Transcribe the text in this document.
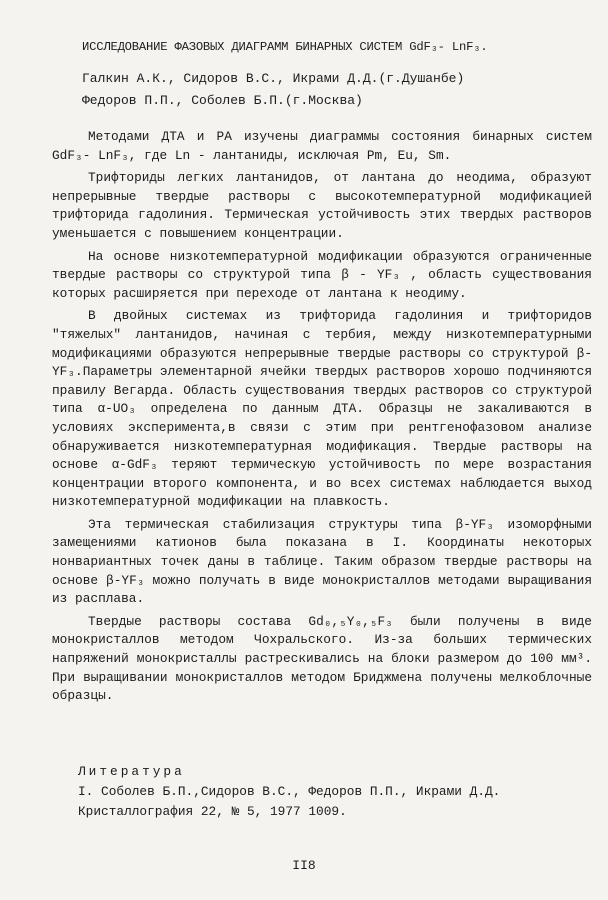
ИССЛЕДОВАНИЕ ФАЗОВЫХ ДИАГРАММ БИНАРНЫХ СИСТЕМ GdF₃- LnF₃.
Галкин А.К., Сидоров В.С., Икрами Д.Д.(г.Душанбе)
Федоров П.П., Соболев Б.П.(г.Москва)

Методами ДТА и РА изучены диаграммы состояния бинарных систем GdF₃- LnF₃, где Ln - лантаниды, исключая Pm, Eu, Sm.

Трифториды легких лантанидов, от лантана до неодима, образуют непрерывные твердые растворы с высокотемпературной модификацией трифторида гадолиния. Термическая устойчивость этих твердых растворов уменьшается с повышением концентрации.

На основе низкотемпературной модификации образуются ограниченные твердые растворы со структурой типа β - YF₃ , область существования которых расширяется при переходе от лантана к неодиму.

В двойных системах из трифторида гадолиния и трифторидов "тяжелых" лантанидов, начиная с тербия, между низкотемпературными модификациями образуются непрерывные твердые растворы со структурой β-YF₃.Параметры элементарной ячейки твердых растворов хорошо подчиняются правилу Вегарда. Область существования твердых растворов со структурой типа α-UO₃ определена по данным ДТА. Образцы не закаливаются в условиях эксперимента,в связи с этим при рентгенофазовом анализе обнаруживается низкотемпературная модификация. Твердые растворы на основе α-GdF₃ теряют термическую устойчивость по мере возрастания концентрации второго компонента, и во всех системах наблюдается выход низкотемпературной модификации на плавкость.

Эта термическая стабилизация структуры типа β-YF₃ изоморфными замещениями катионов была показана в I. Координаты некоторых нонвариантных точек даны в таблице. Таким образом твердые растворы на основе β-YF₃ можно получать в виде монокристаллов методами выращивания из расплава.

Твердые растворы состава Gd₀,₅Y₀,₅F₃ были получены в виде монокристаллов методом Чохральского. Из-за больших термических напряжений монокристаллы растрескивались на блоки размером до 100 мм³. При выращивании монокристаллов методом Бриджмена получены мелкоблочные образцы.

Литература
I. Соболев Б.П.,Сидоров В.С., Федоров П.П., Икрами Д.Д.
Кристаллография 22, № 5, 1977 1009.
II8
